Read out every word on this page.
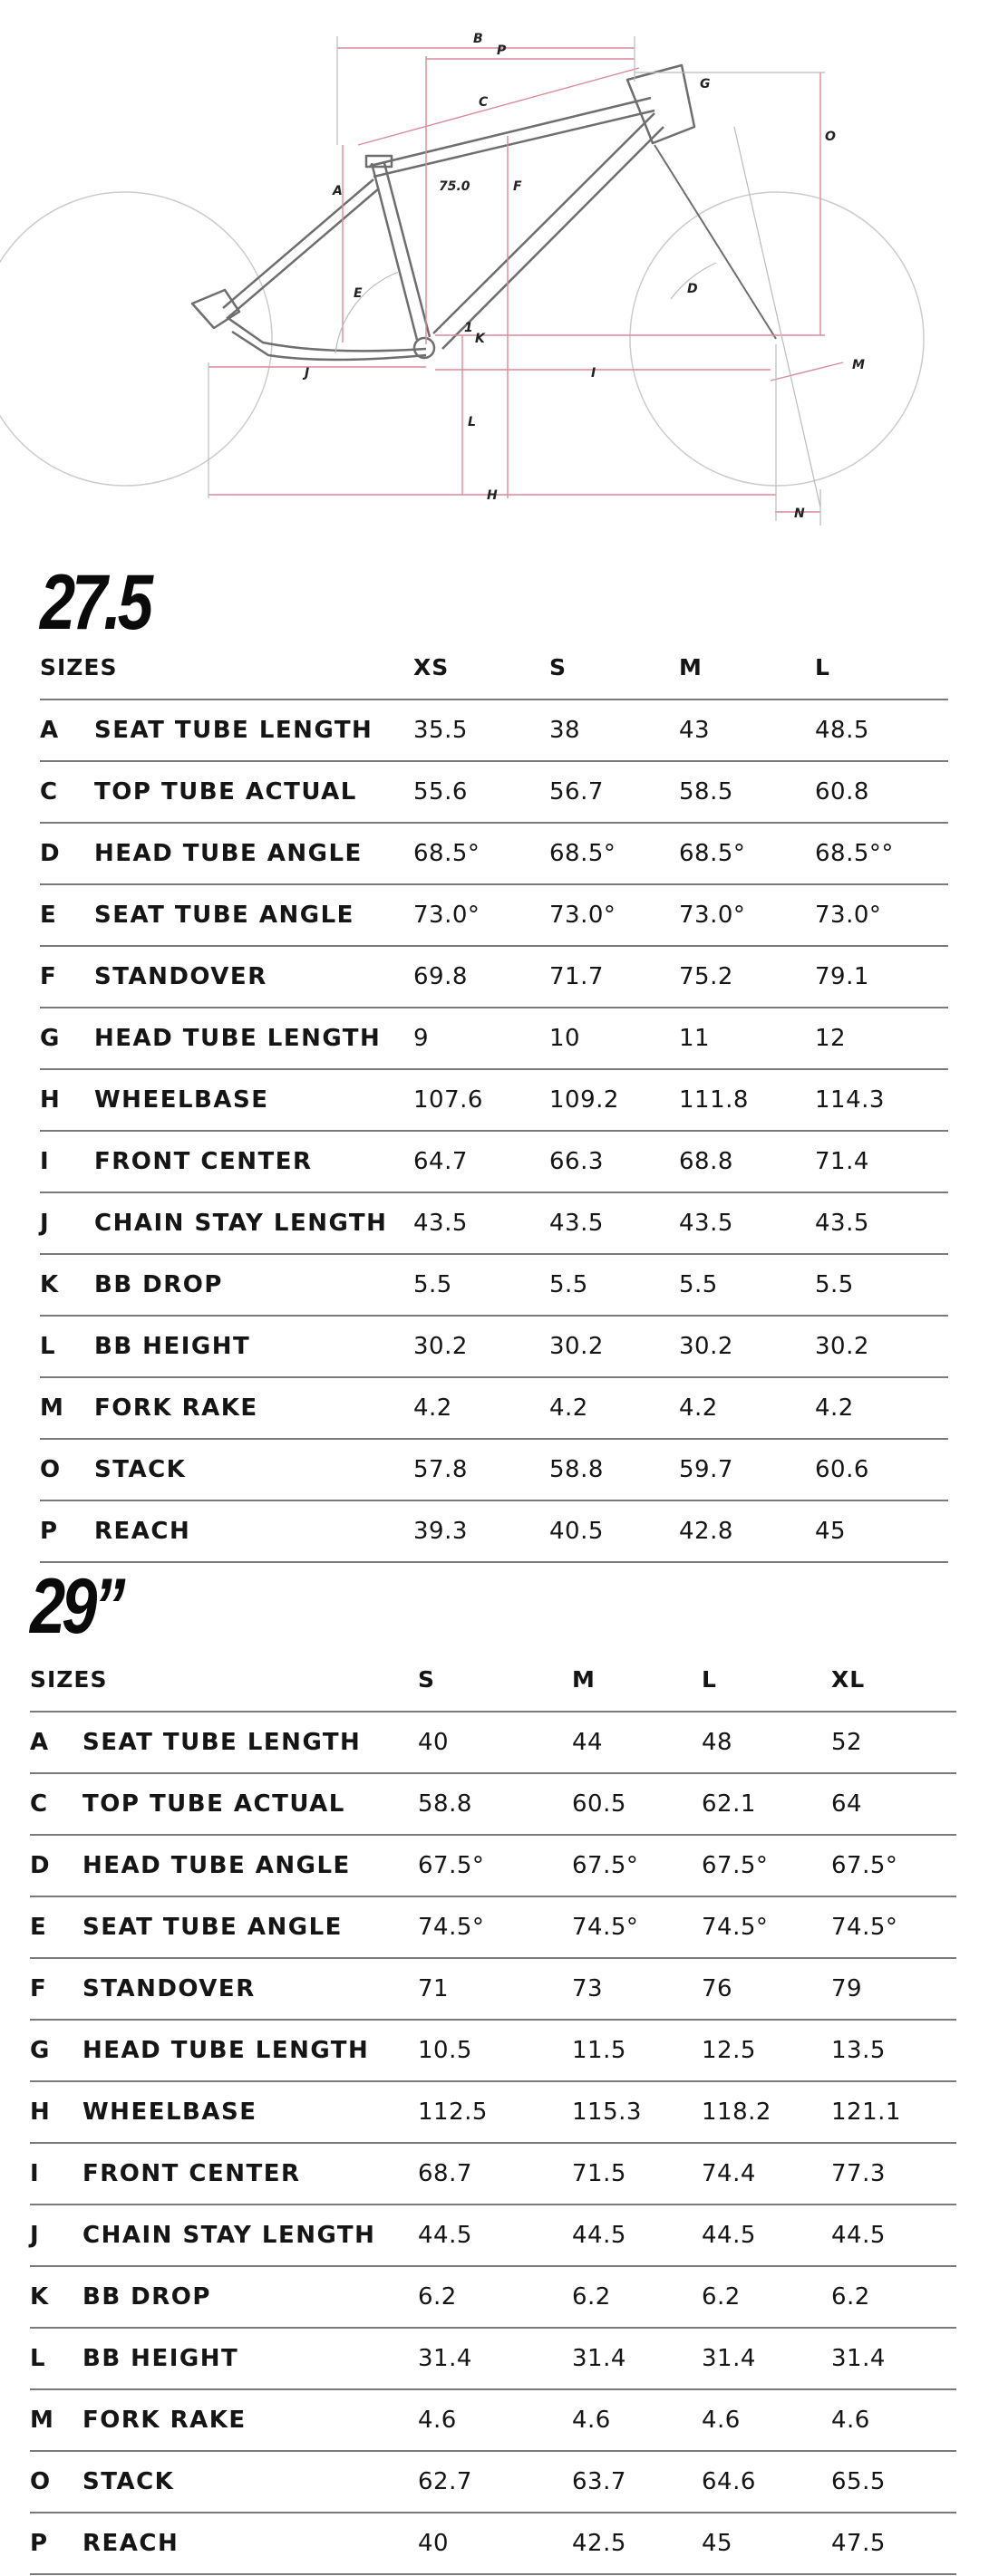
B
P
C
G
O
A	75.0	F
E	D
1
K
J	I
M
L
H
N
27.5
SIZES		XS	S	M	L
A	SEAT TUBE LENGTH	35.5	38	43	48.5
C	TOP TUBE ACTUAL	55.6	56.7	58.5	60.8
D	HEAD TUBE ANGLE	68.5°	68.5°	68.5°	68.5°°
E	SEAT TUBE ANGLE	73.0°	73.0°	73.0°	73.0°
F	STANDOVER	69.8	71.7	75.2	79.1
G	HEAD TUBE LENGTH	9	10	11	12
H	WHEELBASE	107.6	109.2	111.8	114.3
I	FRONT CENTER	64.7	66.3	68.8	71.4
J	CHAIN STAY LENGTH	43.5	43.5	43.5	43.5
K	BB DROP	5.5	5.5	5.5	5.5
L	BB HEIGHT	30.2	30.2	30.2	30.2
M	FORK RAKE	4.2	4.2	4.2	4.2
O	STACK	57.8	58.8	59.7	60.6
P	REACH	39.3	40.5	42.8	45
29”
SIZES		S	M	L	XL
A	SEAT TUBE LENGTH	40	44	48	52
C	TOP TUBE ACTUAL	58.8	60.5	62.1	64
D	HEAD TUBE ANGLE	67.5°	67.5°	67.5°	67.5°
E	SEAT TUBE ANGLE	74.5°	74.5°	74.5°	74.5°
F	STANDOVER	71	73	76	79
G	HEAD TUBE LENGTH	10.5	11.5	12.5	13.5
H	WHEELBASE	112.5	115.3	118.2	121.1
I	FRONT CENTER	68.7	71.5	74.4	77.3
J	CHAIN STAY LENGTH	44.5	44.5	44.5	44.5
K	BB DROP	6.2	6.2	6.2	6.2
L	BB HEIGHT	31.4	31.4	31.4	31.4
M	FORK RAKE	4.6	4.6	4.6	4.6
O	STACK	62.7	63.7	64.6	65.5
P	REACH	40	42.5	45	47.5
